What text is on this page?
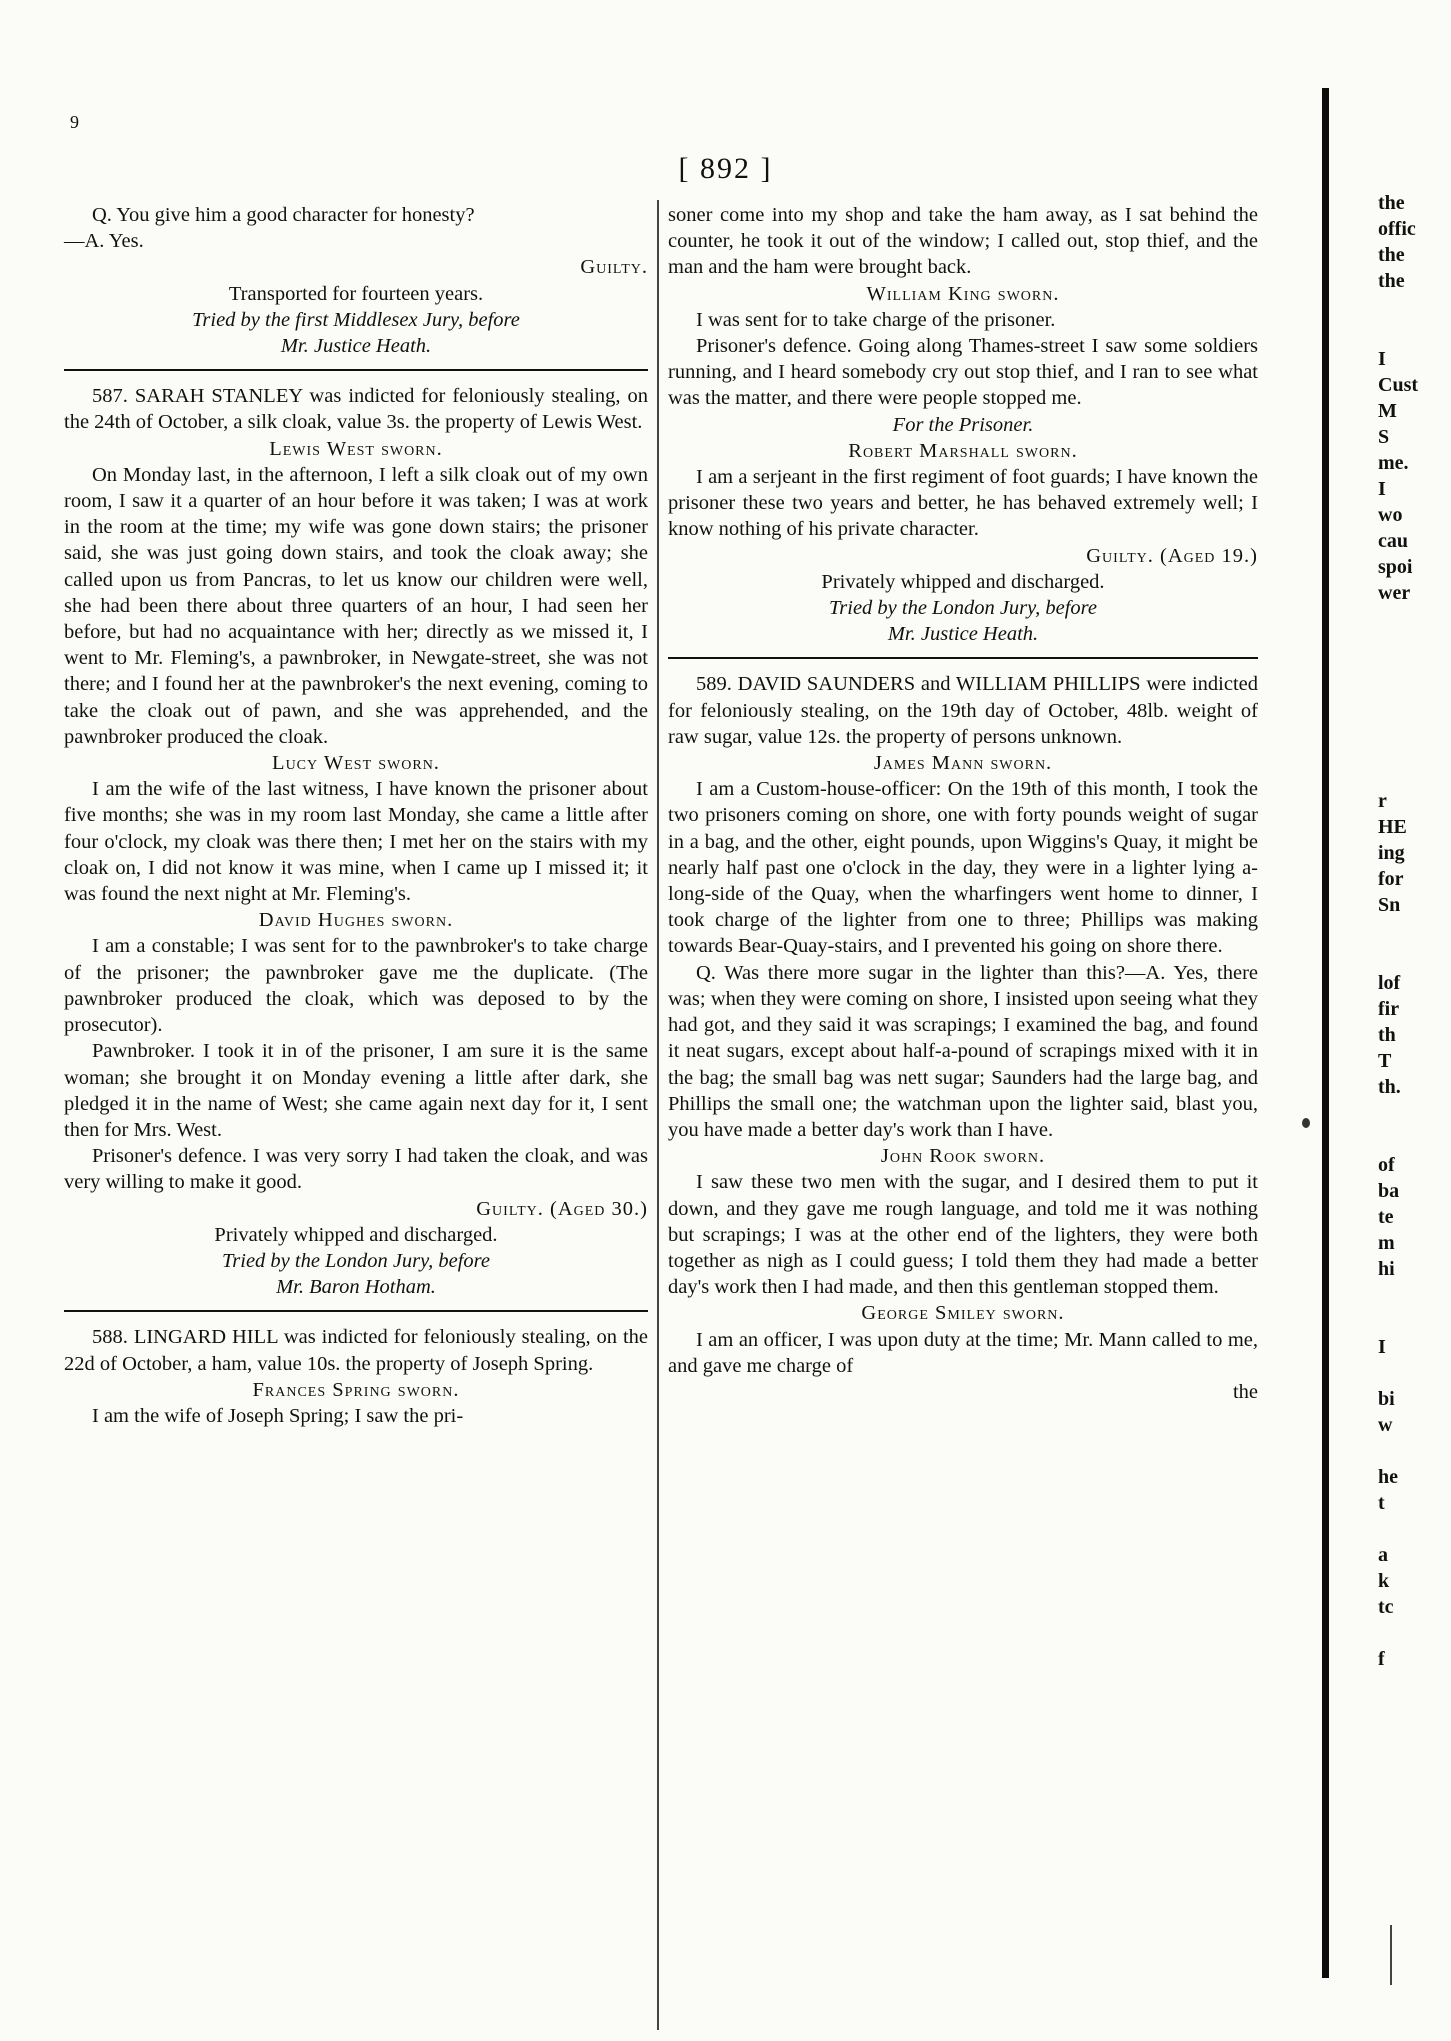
9
[ 892 ]

Q. You give him a good character for honesty?

—A. Yes.

Guilty.

Transported for fourteen years.

Tried by the first Middlesex Jury, before

Mr. Justice Heath.

587. SARAH STANLEY was indicted for feloniously stealing, on the 24th of October, a silk cloak, value 3s. the property of Lewis West.

Lewis West sworn.

On Monday last, in the afternoon, I left a silk cloak out of my own room, I saw it a quarter of an hour before it was taken; I was at work in the room at the time; my wife was gone down stairs; the prisoner said, she was just going down stairs, and took the cloak away; she called upon us from Pancras, to let us know our children were well, she had been there about three quarters of an hour, I had seen her before, but had no acquaintance with her; directly as we missed it, I went to Mr. Fleming's, a pawnbroker, in Newgate-street, she was not there; and I found her at the pawnbroker's the next evening, coming to take the cloak out of pawn, and she was apprehended, and the pawnbroker produced the cloak.

Lucy West sworn.

I am the wife of the last witness, I have known the prisoner about five months; she was in my room last Monday, she came a little after four o'clock, my cloak was there then; I met her on the stairs with my cloak on, I did not know it was mine, when I came up I missed it; it was found the next night at Mr. Fleming's.

David Hughes sworn.

I am a constable; I was sent for to the pawnbroker's to take charge of the prisoner; the pawnbroker gave me the duplicate. (The pawnbroker produced the cloak, which was deposed to by the prosecutor).

Pawnbroker. I took it in of the prisoner, I am sure it is the same woman; she brought it on Monday evening a little after dark, she pledged it in the name of West; she came again next day for it, I sent then for Mrs. West.

Prisoner's defence. I was very sorry I had taken the cloak, and was very willing to make it good.

Guilty. (Aged 30.)

Privately whipped and discharged.

Tried by the London Jury, before

Mr. Baron Hotham.

588. LINGARD HILL was indicted for feloniously stealing, on the 22d of October, a ham, value 10s. the property of Joseph Spring.

Frances Spring sworn.

I am the wife of Joseph Spring; I saw the pri-

soner come into my shop and take the ham away, as I sat behind the counter, he took it out of the window; I called out, stop thief, and the man and the ham were brought back.

William King sworn.

I was sent for to take charge of the prisoner.

Prisoner's defence. Going along Thames-street I saw some soldiers running, and I heard somebody cry out stop thief, and I ran to see what was the matter, and there were people stopped me.

For the Prisoner.

Robert Marshall sworn.

I am a serjeant in the first regiment of foot guards; I have known the prisoner these two years and better, he has behaved extremely well; I know nothing of his private character.

Guilty. (Aged 19.)

Privately whipped and discharged.

Tried by the London Jury, before

Mr. Justice Heath.

589. DAVID SAUNDERS and WILLIAM PHILLIPS were indicted for feloniously stealing, on the 19th day of October, 48lb. weight of raw sugar, value 12s. the property of persons unknown.

James Mann sworn.

I am a Custom-house-officer: On the 19th of this month, I took the two prisoners coming on shore, one with forty pounds weight of sugar in a bag, and the other, eight pounds, upon Wiggins's Quay, it might be nearly half past one o'clock in the day, they were in a lighter lying a-long-side of the Quay, when the wharfingers went home to dinner, I took charge of the lighter from one to three; Phillips was making towards Bear-Quay-stairs, and I prevented his going on shore there.

Q. Was there more sugar in the lighter than this?—A. Yes, there was; when they were coming on shore, I insisted upon seeing what they had got, and they said it was scrapings; I examined the bag, and found it neat sugars, except about half-a-pound of scrapings mixed with it in the bag; the small bag was nett sugar; Saunders had the large bag, and Phillips the small one; the watchman upon the lighter said, blast you, you have made a better day's work than I have.

John Rook sworn.

I saw these two men with the sugar, and I desired them to put it down, and they gave me rough language, and told me it was nothing but scrapings; I was at the other end of the lighters, they were both together as nigh as I could guess; I told them they had made a better day's work then I had made, and then this gentleman stopped them.

George Smiley sworn.

I am an officer, I was upon duty at the time; Mr. Mann called to me, and gave me charge of

the

the
offic
the
the
I
Cust
M
S
me.
I
wo
cau
spoi
wer
r
HE
ing
for
Sn
lof
fir
th
T
th.
of
ba
te
m
hi
I
bi
w
he
t
a
k
tc
f
